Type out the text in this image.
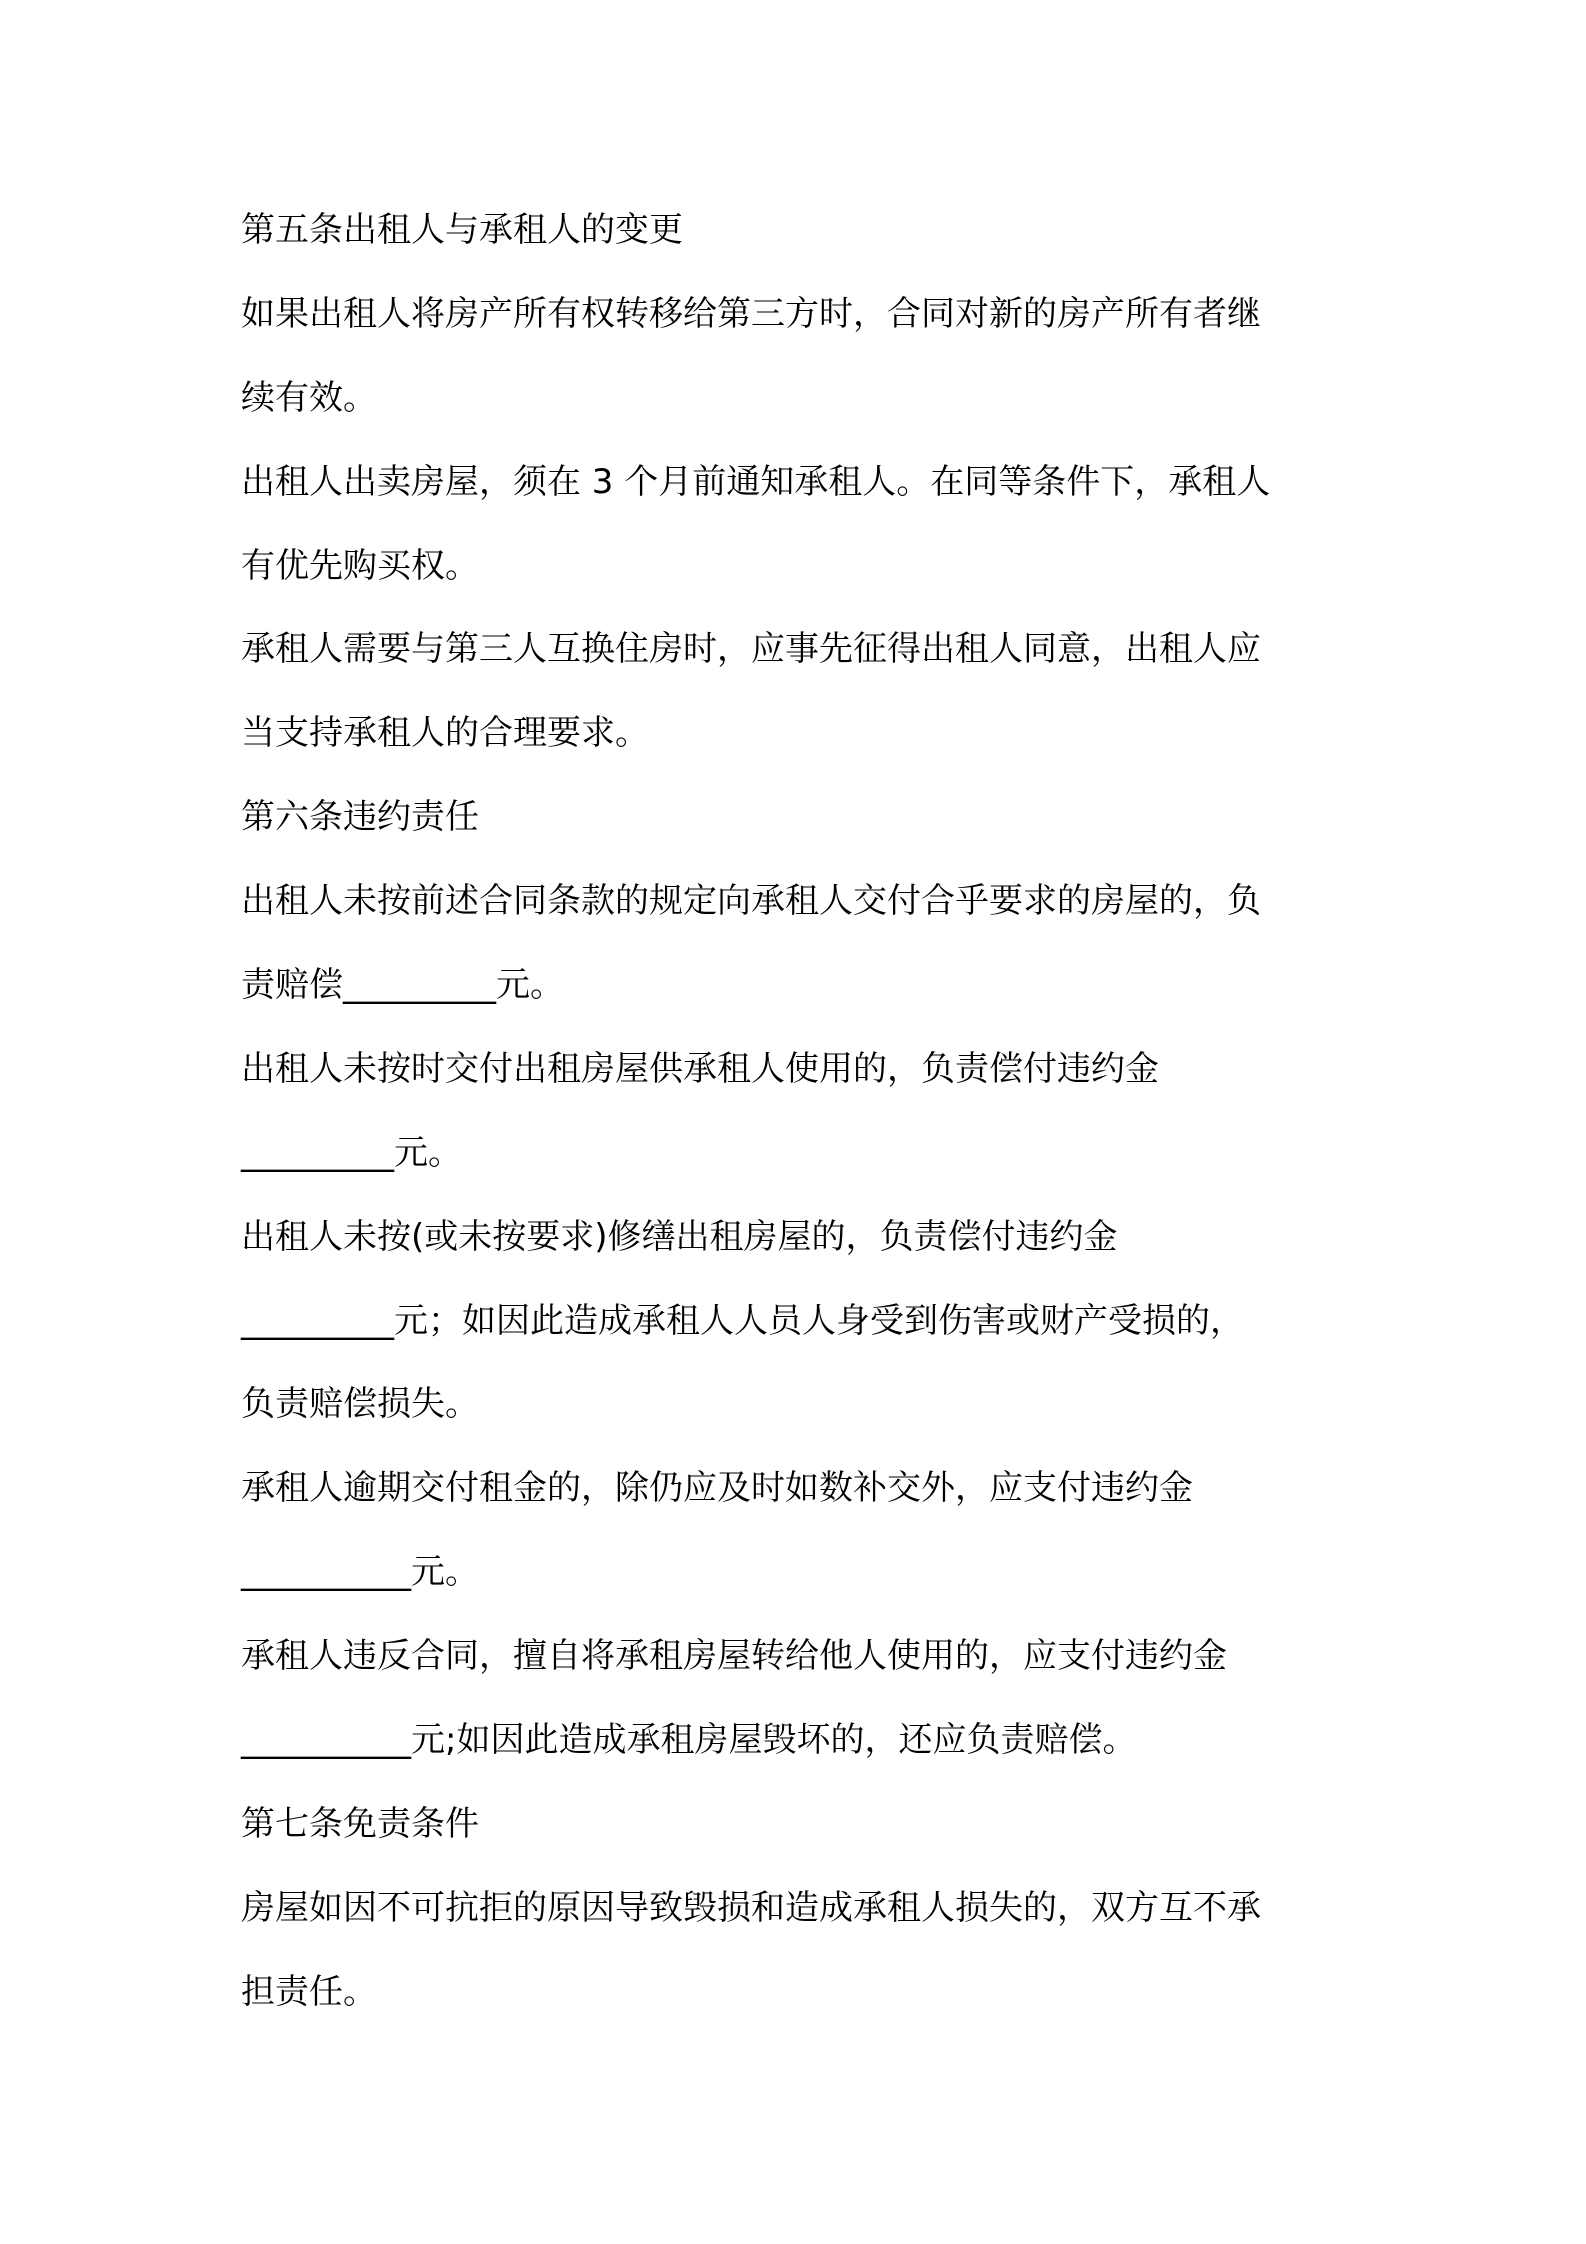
第五条出租人与承租人的变更
如果出租人将房产所有权转移给第三方时，合同对新的房产所有者继
续有效。
出租人出卖房屋，须在 3 个月前通知承租人。在同等条件下，承租人
有优先购买权。
承租人需要与第三人互换住房时，应事先征得出租人同意，出租人应
当支持承租人的合理要求。
第六条违约责任
出租人未按前述合同条款的规定向承租人交付合乎要求的房屋的，负
责赔偿_________元。
出租人未按时交付出租房屋供承租人使用的，负责偿付违约金
_________元。
出租人未按(或未按要求)修缮出租房屋的，负责偿付违约金
_________元；如因此造成承租人人员人身受到伤害或财产受损的，
负责赔偿损失。
承租人逾期交付租金的，除仍应及时如数补交外，应支付违约金
__________元。
承租人违反合同，擅自将承租房屋转给他人使用的，应支付违约金
__________元;如因此造成承租房屋毁坏的，还应负责赔偿。
第七条免责条件
房屋如因不可抗拒的原因导致毁损和造成承租人损失的，双方互不承
担责任。
